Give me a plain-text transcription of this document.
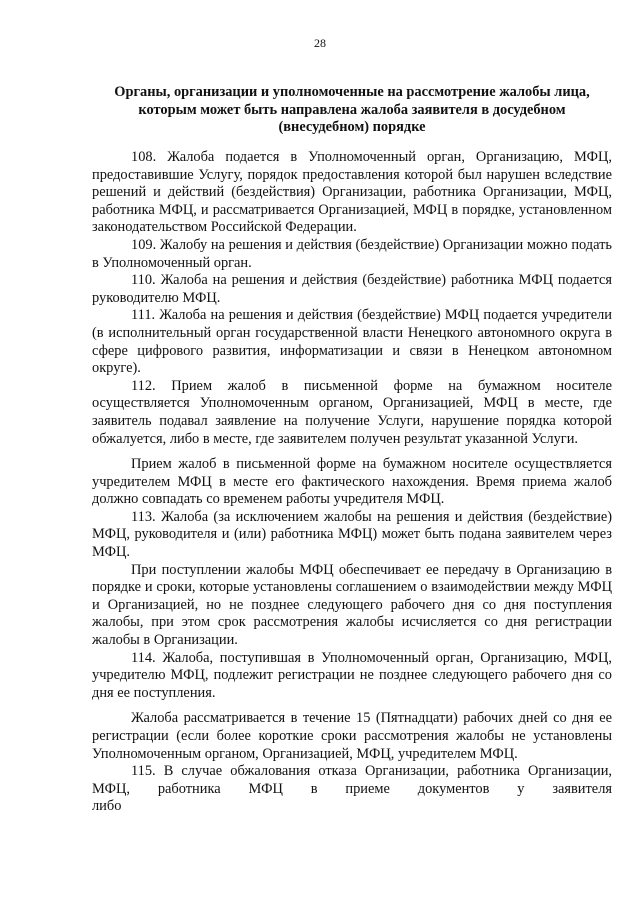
28
Органы, организации и уполномоченные на рассмотрение жалобы лица,
которым может быть направлена жалоба заявителя в досудебном
(внесудебном) порядке

108. Жалоба подается в Уполномоченный орган, Организацию, МФЦ, предоставившие Услугу, порядок предоставления которой был нарушен вследствие решений и действий (бездействия) Организации, работника Организации, МФЦ, работника МФЦ, и рассматривается Организацией, МФЦ в порядке, установленном законодательством Российской Федерации.

109. Жалобу на решения и действия (бездействие) Организации можно подать в Уполномоченный орган.

110. Жалоба на решения и действия (бездействие) работника МФЦ подается руководителю МФЦ.

111. Жалоба на решения и действия (бездействие) МФЦ подается учредители (в исполнительный орган государственной власти Ненецкого автономного округа в сфере цифрового развития, информатизации и связи в Ненецком автономном округе).

112. Прием жалоб в письменной форме на бумажном носителе осуществляется Уполномоченным органом, Организацией, МФЦ в месте, где заявитель подавал заявление на получение Услуги, нарушение порядка которой обжалуется, либо в месте, где заявителем получен результат указанной Услуги.

Прием жалоб в письменной форме на бумажном носителе осуществляется учредителем МФЦ в месте его фактического нахождения. Время приема жалоб должно совпадать со временем работы учредителя МФЦ.

113. Жалоба (за исключением жалобы на решения и действия (бездействие) МФЦ, руководителя и (или) работника МФЦ) может быть подана заявителем через МФЦ.

При поступлении жалобы МФЦ обеспечивает ее передачу в Организацию в порядке и сроки, которые установлены соглашением о взаимодействии между МФЦ и Организацией, но не позднее следующего рабочего дня со дня поступления жалобы, при этом срок рассмотрения жалобы исчисляется со дня регистрации жалобы в Организации.

114. Жалоба, поступившая в Уполномоченный орган, Организацию, МФЦ, учредителю МФЦ, подлежит регистрации не позднее следующего рабочего дня со дня ее поступления.

Жалоба рассматривается в течение 15 (Пятнадцати) рабочих дней со дня ее регистрации (если более короткие сроки рассмотрения жалобы не установлены Уполномоченным органом, Организацией, МФЦ, учредителем МФЦ.

115. В случае обжалования отказа Организации, работника Организации, МФЦ, работника МФЦ в приеме документов у заявителя
либо
